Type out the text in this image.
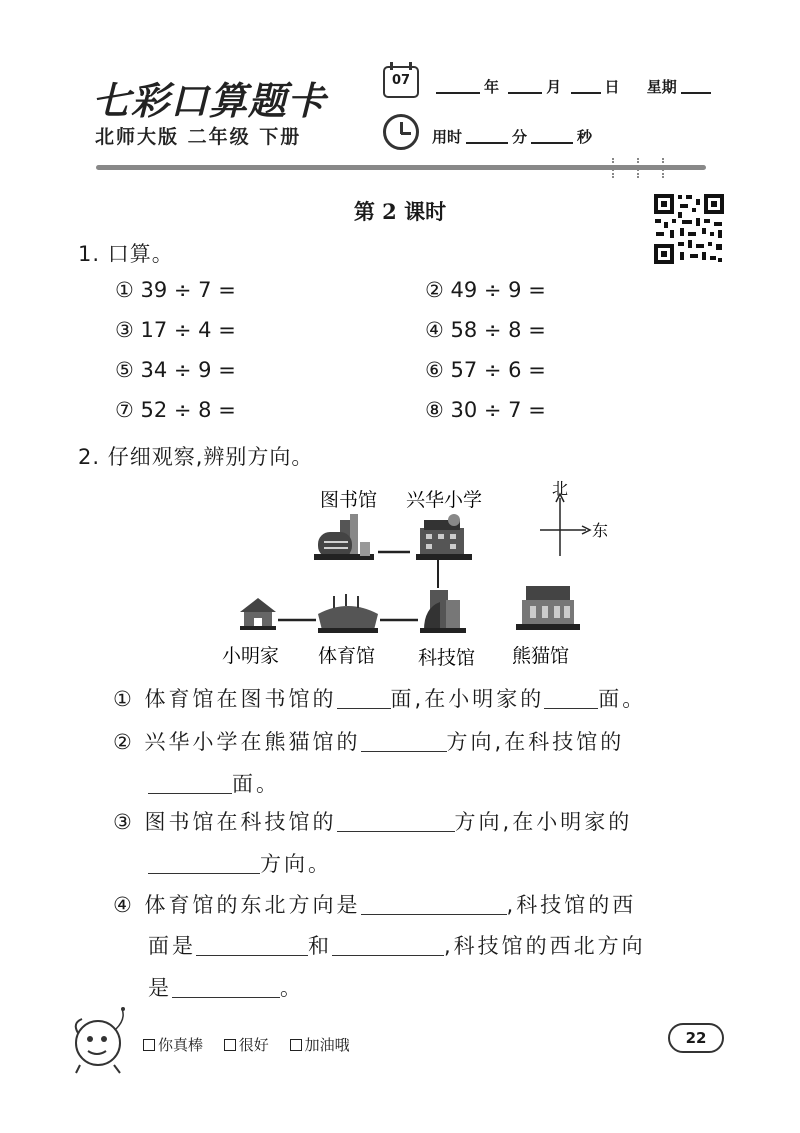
七彩口算题卡
北师大版 二年级 下册
07	年	月	日 星期
用时	分	秒
第 2 课时
1. 口算。
① 39 ÷ 7 =	② 49 ÷ 9 =
③ 17 ÷ 4 =	④ 58 ÷ 8 =
⑤ 34 ÷ 9 =	⑥ 57 ÷ 6 =
⑦ 52 ÷ 8 =	⑧ 30 ÷ 7 =
2. 仔细观察,辨别方向。
图书馆 兴华小学
北
东
小明家 体育馆 科技馆 熊猫馆
① 体育馆在图书馆的	面,在小明家的	面。
② 兴华小学在熊猫馆的	方向,在科技馆的
面。
③ 图书馆在科技馆的	方向,在小明家的
方向。
④ 体育馆的东北方向是	,科技馆的西
面是	和	,科技馆的西北方向
是	。
你真棒 很好 加油哦	22
